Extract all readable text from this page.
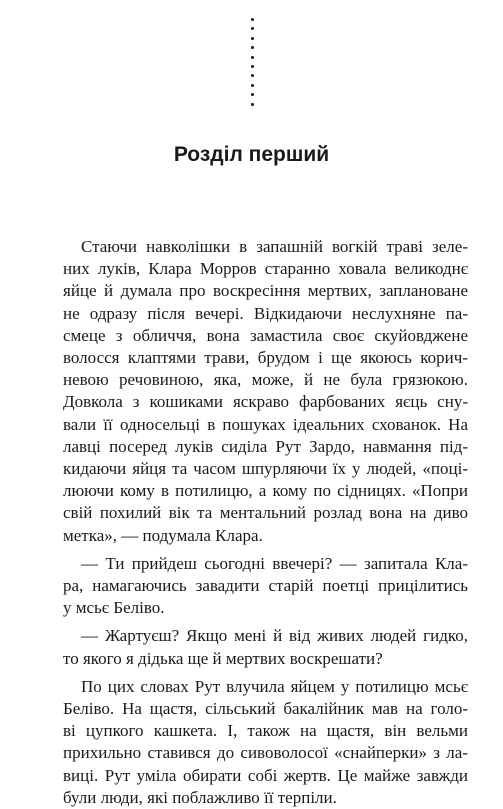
Розділ перший

Стаючи навколішки в запашній вогкій траві зеле-
них луків, Клара Морров старанно ховала великоднє
яйце й думала про воскресіння мертвих, заплановане
не одразу після вечері. Відкидаючи неслухняне па-
смеце з обличчя, вона замастила своє скуйовджене
волосся клаптями трави, брудом і ще якоюсь корич-
невою речовиною, яка, може, й не була грязюкою.
Довкола з кошиками яскраво фарбованих яєць сну-
вали її односельці в пошуках ідеальних схованок. На
лавці посеред луків сиділа Рут Зардо, навмання під-
кидаючи яйця та часом шпурляючи їх у людей, «поці-
люючи кому в потилицю, а кому по сідницях. «Попри
свій похилий вік та ментальний розлад вона на диво
метка», — подумала Клара.

— Ти прийдеш сьогодні ввечері? — запитала Кла-
ра, намагаючись завадити старій поетці прицілитись
у мсьє Беліво.

— Жартуєш? Якщо мені й від живих людей гидко,
то якого я дідька ще й мертвих воскрешати?

По цих словах Рут влучила яйцем у потилицю мсьє
Беліво. На щастя, сільський бакалійник мав на голо-
ві цупкого кашкета. І, також на щастя, він вельми
прихильно ставився до сивоволосої «снайперки» з ла-
виці. Рут уміла обирати собі жертв. Це майже завжди
були люди, які поблажливо її терпіли.
